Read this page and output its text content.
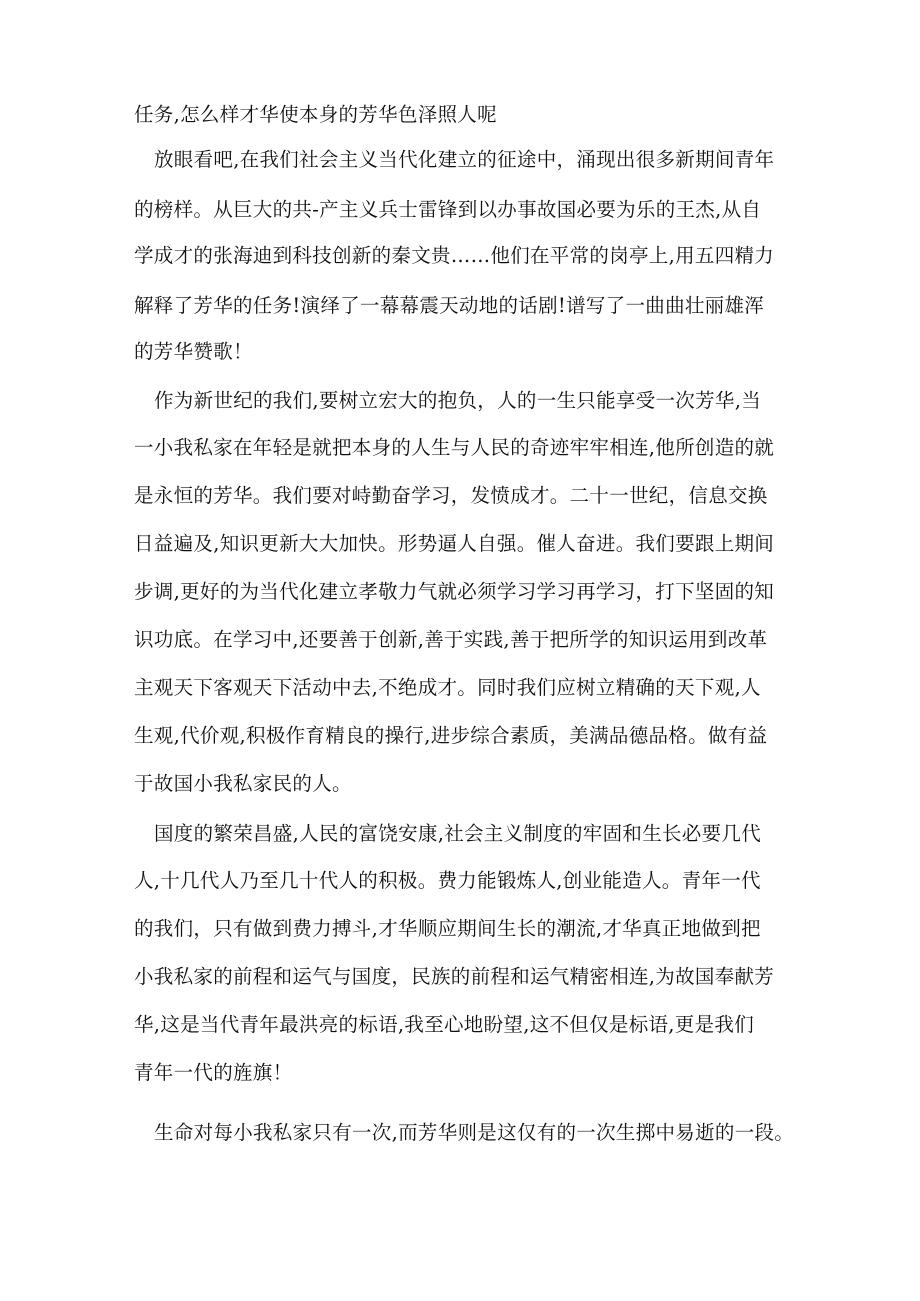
任务,怎么样才华使本身的芳华色泽照人呢
放眼看吧,在我们社会主义当代化建立的征途中，涌现出很多新期间青年
的榜样。从巨大的共-产主义兵士雷锋到以办事故国必要为乐的王杰,从自
学成才的张海迪到科技创新的秦文贵……他们在平常的岗亭上,用五四精力
解释了芳华的任务!演绎了一幕幕震天动地的话剧!谱写了一曲曲壮丽雄浑
的芳华赞歌！
作为新世纪的我们,要树立宏大的抱负，人的一生只能享受一次芳华,当
一小我私家在年轻是就把本身的人生与人民的奇迹牢牢相连,他所创造的就
是永恒的芳华。我们要对峙勤奋学习，发愤成才。二十一世纪，信息交换
日益遍及,知识更新大大加快。形势逼人自强。催人奋进。我们要跟上期间
步调,更好的为当代化建立孝敬力气就必须学习学习再学习，打下坚固的知
识功底。在学习中,还要善于创新,善于实践,善于把所学的知识运用到改革
主观天下客观天下活动中去,不绝成才。同时我们应树立精确的天下观,人
生观,代价观,积极作育精良的操行,进步综合素质，美满品德品格。做有益
于故国小我私家民的人。
国度的繁荣昌盛,人民的富饶安康,社会主义制度的牢固和生长必要几代
人,十几代人乃至几十代人的积极。费力能锻炼人,创业能造人。青年一代
的我们，只有做到费力搏斗,才华顺应期间生长的潮流,才华真正地做到把
小我私家的前程和运气与国度，民族的前程和运气精密相连,为故国奉献芳
华,这是当代青年最洪亮的标语,我至心地盼望,这不但仅是标语,更是我们
青年一代的旌旗！
生命对每小我私家只有一次,而芳华则是这仅有的一次生掷中易逝的一段。
